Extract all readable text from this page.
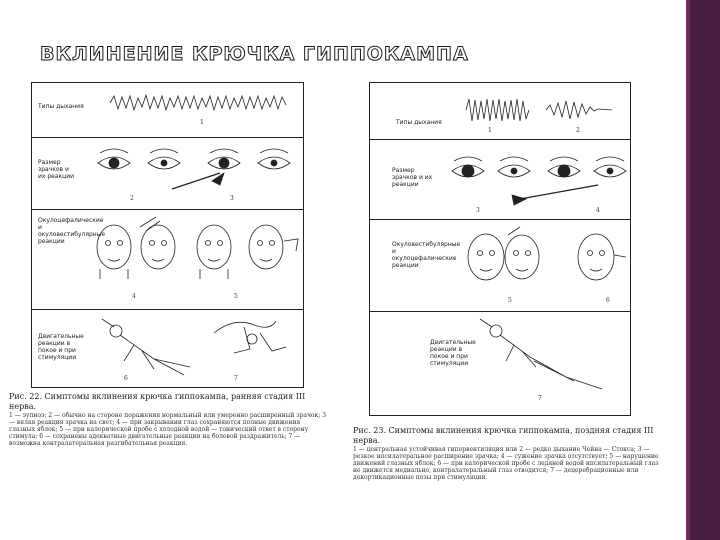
ВКЛИНЕНИЕ КРЮЧКА ГИППОКАМПА
Типы дыхания
1
Размер зрачков и их реакции
2	3
Окулоцефалические и окуловестибулярные реакции
4	5
Двигательные реакции в покое и при стимуляции
6	7
Рис. 22. Симптомы вклинения крючка гиппокампа, ранняя стадия III нерва.
1 — эупноэ; 2 — обычно на стороне поражения нормальный или умеренно расширенный зрачок; 3 — вялая реакция зрачка на свет; 4 — при закрывании глаз сохраняются полные движения глазных яблок; 5 — при калорической пробе с холодной водой — тонический ответ в сторону стимула; 6 — сохранены адекватные двигательные реакции на болевой раздражитель; 7 — возможна контралатеральная разгибательная реакция.
Типы дыхания
1	2
Размер зрачков и их реакции
3	4
Окуловестибулярные и окулоцефалические реакции
5	6
Двигательные реакции в покое и при стимуляции
7
Рис. 23. Симптомы вклинения крючка гиппокампа, поздняя стадия III нерва.
1 — центральная устойчивая гипервентиляция или 2 — редко дыхание Чейна — Стокса; 3 — резкое ипсилатеральное расширение зрачка; 4 — сужение зрачка отсутствует; 5 — нарушение движений глазных яблок; 6 — при калорической пробе с ледяной водой ипсилатеральный глаз не движется медиально, контралатеральный глаз отводится; 7 — децеребрационные или декортикационные позы при стимуляции.
